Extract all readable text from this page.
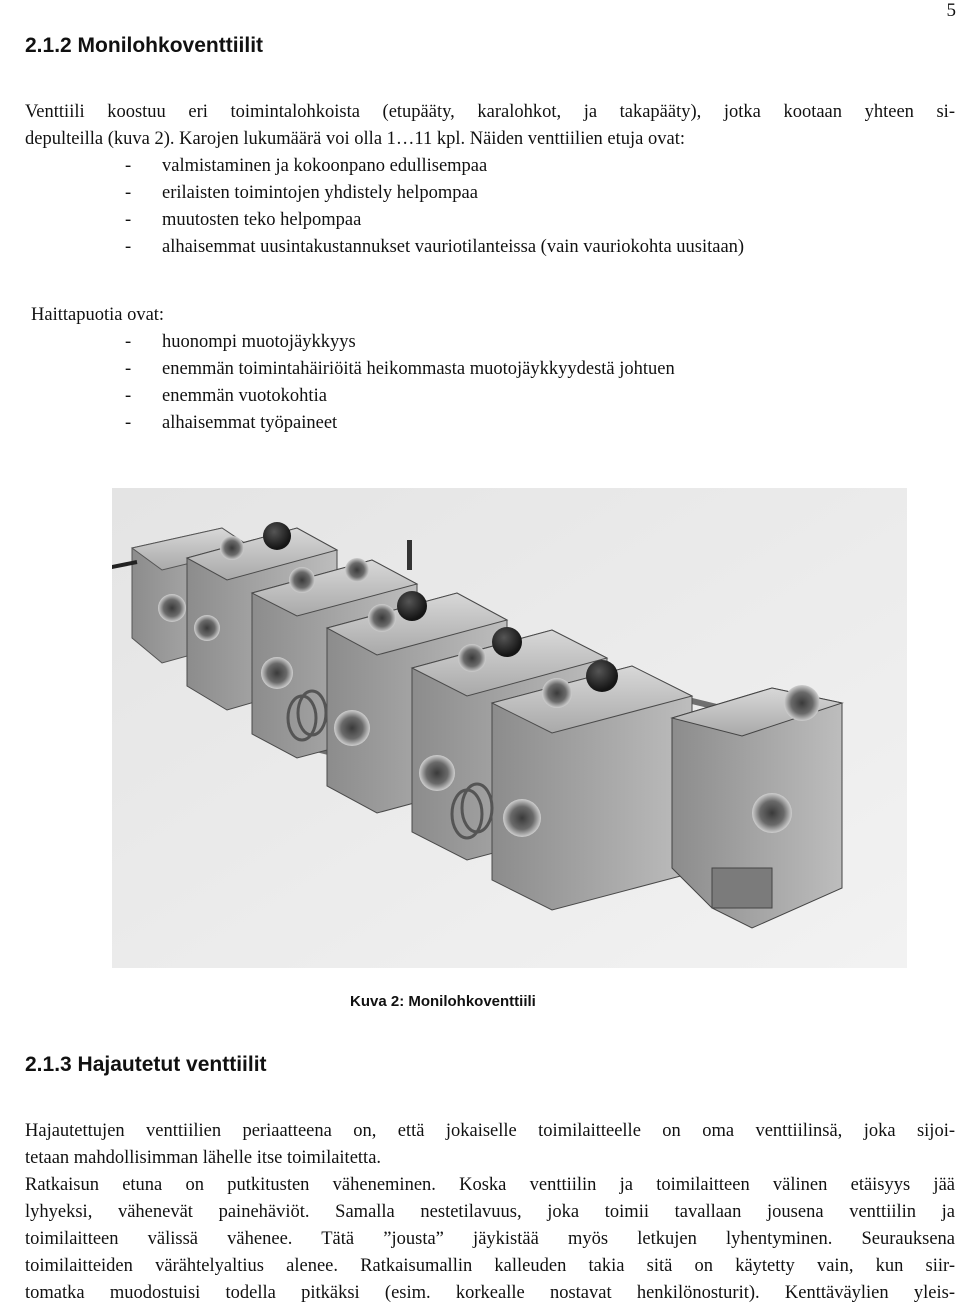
5
2.1.2 Monilohkoventtiilit

Venttiili koostuu eri toimintalohkoista (etupääty, karalohkot, ja takapääty), jotka kootaan yhteen si-
depulteilla (kuva 2). Karojen lukumäärä voi olla 1…11 kpl. Näiden venttiilien etuja ovat:

- valmistaminen ja kokoonpano edullisempaa
- erilaisten toimintojen yhdistely helpompaa
- muutosten teko helpompaa
- alhaisemmat uusintakustannukset vauriotilanteissa (vain vauriokohta uusitaan)

Haittapuotia ovat:

- huonompi muotojäykkyys
- enemmän toimintahäiriöitä heikommasta muotojäykkyydestä johtuen
- enemmän vuotokohtia
- alhaisemmat työpaineet
Kuva 2: Monilohkoventtiili
2.1.3 Hajautetut venttiilit

Hajautettujen venttiilien periaatteena on, että jokaiselle toimilaitteelle on oma venttiilinsä, joka sijoi-
tetaan mahdollisimman lähelle itse toimilaitetta.

Ratkaisun etuna on putkitusten väheneminen. Koska venttiilin ja toimilaitteen välinen etäisyys jää
lyhyeksi, vähenevät painehäviöt. Samalla nestetilavuus, joka toimii tavallaan jousena venttiilin ja
toimilaitteen välissä vähenee. Tätä ”jousta” jäykistää myös letkujen lyhentyminen. Seurauksena
toimilaitteiden värähtelyaltius alenee. Ratkaisumallin kalleuden takia sitä on käytetty vain, kun siir-
tomatka muodostuisi todella pitkäksi (esim. korkealle nostavat henkilönosturit). Kenttäväylien yleis-
